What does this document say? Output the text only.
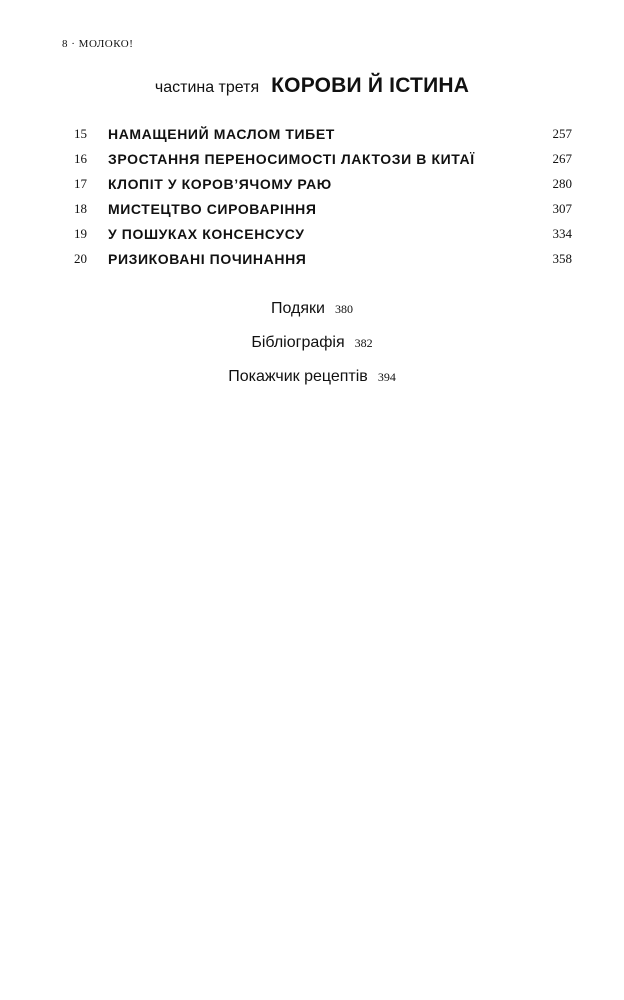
8 · МОЛОКО!
частина третя КОРОВИ Й ІСТИНА
15	НАМАЩЕНИЙ МАСЛОМ ТИБЕТ	257
16	ЗРОСТАННЯ ПЕРЕНОСИМОСТІ ЛАКТОЗИ В КИТАЇ	267
17	КЛОПІТ У КОРОВ’ЯЧОМУ РАЮ	280
18	МИСТЕЦТВО СИРОВАРІННЯ	307
19	У ПОШУКАХ КОНСЕНСУСУ	334
20	РИЗИКОВАНІ ПОЧИНАННЯ	358
Подяки 380
Бібліографія 382
Покажчик рецептів 394
